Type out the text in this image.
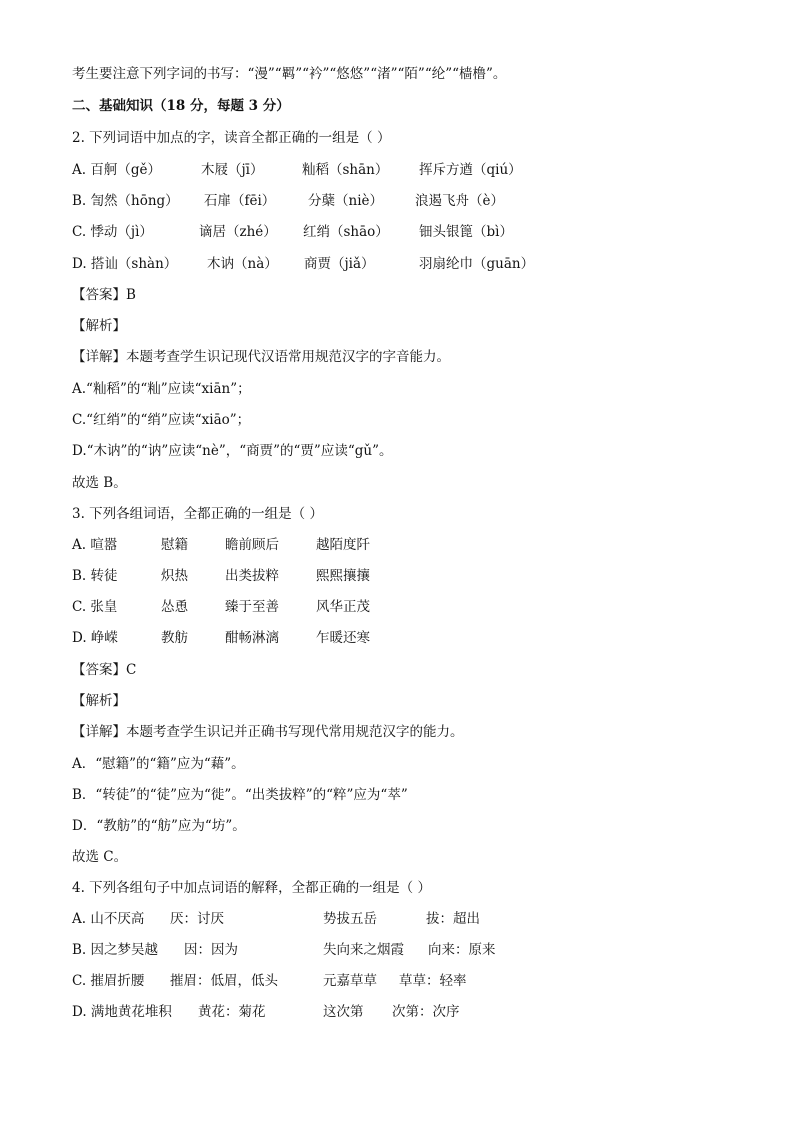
考生要注意下列字词的书写：“漫”“羁”“衿”“悠悠”“渚”“陌”“纶”“樯橹”。
二、基础知识（18 分，每题 3 分）
2. 下列词语中加点的字，读音全都正确的一组是（ ）
A. 百舸（gě）	木屐（jī）	籼稻（shān） 挥斥方遒（qiú）
B. 訇然（hōng） 石扉（fēi） 分蘖（niè） 浪遏飞舟（è）
C. 悸动（jì）	谪居（zhé） 红绡（shāo） 钿头银篦（bì）
D. 搭讪（shàn） 木讷（nà） 商贾（jiǎ）	羽扇纶巾（guān）
【答案】B
【解析】
【详解】本题考查学生识记现代汉语常用规范汉字的字音能力。
A.“籼稻”的“籼”应读“xiān”；
C.“红绡”的“绡”应读“xiāo”；
D.“木讷”的“讷”应读“nè”，“商贾”的“贾”应读“gǔ”。
故选 B。
3. 下列各组词语，全都正确的一组是（ ）
A. 喧嚣	慰籍	瞻前顾后	越陌度阡
B. 转徒	炽热	出类拔粹	熙熙攘攘
C. 张皇	怂恿	臻于至善	风华正茂
D. 峥嵘	教舫	酣畅淋漓	乍暖还寒
【答案】C
【解析】
【详解】本题考查学生识记并正确书写现代常用规范汉字的能力。
A．“慰籍”的“籍”应为“藉”。
B．“转徒”的“徒”应为“徙”。“出类拔粹”的“粹”应为“萃”
D．“教舫”的“舫”应为“坊”。
故选 C。
4. 下列各组句子中加点词语的解释，全都正确的一组是（ ）
A. 山不厌高 厌：讨厌	势拔五岳	拔：超出
B. 因之梦吴越 因：因为	失向来之烟霞 向来：原来
C. 摧眉折腰 摧眉：低眉，低头	元嘉草草 草草：轻率
D. 满地黄花堆积 黄花：菊花	这次第 次第：次序
